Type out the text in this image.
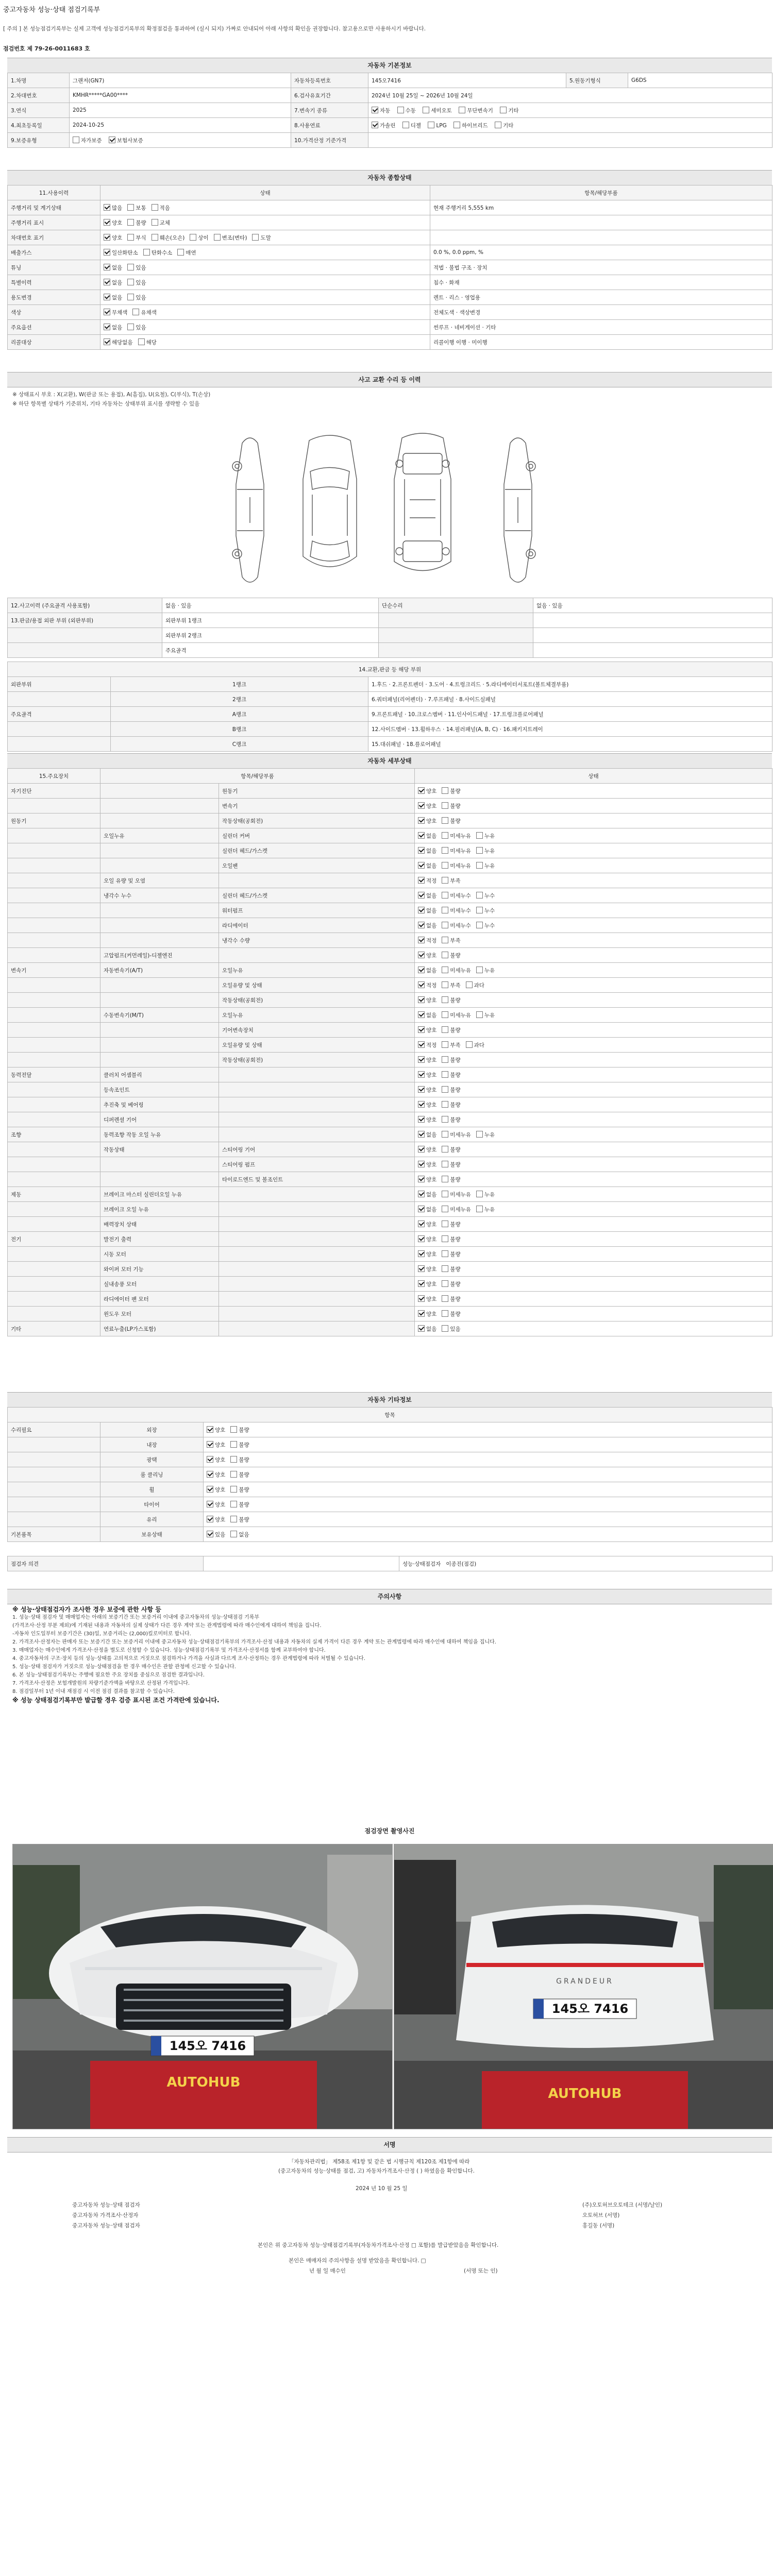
중고자동차 성능·상태 점검기록부
[ 주의 ] 본 성능점검기록부는 실제 고객에 성능점검기록부의 확정점검을 통과하여 (실시 되지) 가짜로 안내되어 아래 사항의 확인을 권장합니다. 참고용으로만 사용하시기 바랍니다.
점검번호 제 79-26-0011683 호
자동차 기본정보
1.차명	그랜저(GN7)	자동차등록번호	145오7416	5.원동기형식	G6DS
2.차대번호	KMHR*****GA00****	6.검사유효기간	2024년 10월 25일 ~ 2026년 10월 24일		
3.연식	2025	7.변속기 종류	자동 수동 세미오토 무단변속기 기타		
4.최초등록일	2024-10-25	8.사용연료	가솔린 디젤 LPG 하이브리드 기타		
9.보증유형	자가보증 보험사보증	10.가격산정 기준가격			
자동차 종합상태
11.사용이력	상태	항목/해당부품
주행거리 및 계기상태	많음 보통 적음	현재 주행거리 5,555 km
주행거리 표시	양호 불량 교체	
차대번호 표기	양호 부식 훼손(오손) 상이 변조(변타) 도말	
배출가스	일산화탄소 탄화수소 매연	0.0 %, 0.0 ppm, %
튜닝	없음 있음	적법 · 불법 구조 · 장치
특별이력	없음 있음	침수 · 화재
용도변경	없음 있음	렌트 · 리스 · 영업용
색상	무채색 유채색	전체도색 · 색상변경
주요옵션	없음 있음	썬루프 · 네비게이션 · 기타
리콜대상	해당없음 해당	리콜이행 이행 · 미이행
사고 교환 수리 등 이력
※ 상태표시 부호 : X(교환), W(판금 또는 용접), A(흠집), U(요철), C(부식), T(손상)
※ 하단 항목별 상태가 기준위치, 기타 자동차는 상태부위 표시를 생략할 수 있음
12.사고이력 (주요골격 사용포함)	없음 · 있음	단순수리	없음 · 있음
13.판금/용접 외판 부위 (외판부위)	외판부위 1랭크		
	외판부위 2랭크		
	주요골격		
14.교환,판금 등 해당 부위		
외판부위	1랭크	1.후드 · 2.프론트펜더 · 3.도어 · 4.트렁크리드 · 5.라디에이터서포트(볼트체결부품)
	2랭크	6.쿼터패널(리어펜더) · 7.루프패널 · 8.사이드실패널
주요골격	A랭크	9.프론트패널 · 10.크로스멤버 · 11.인사이드패널 · 17.트렁크플로어패널
	B랭크	12.사이드멤버 · 13.휠하우스 · 14.필러패널(A, B, C) · 16.패키지트레이
	C랭크	15.대쉬패널 · 18.플로어패널
자동차 세부상태
15.주요장치	항목/해당부품		상태
자기진단		원동기	양호 불량
		변속기	양호 불량
원동기		작동상태(공회전)	양호 불량
	오일누유	실린더 커버	없음 미세누유 누유
		실린더 헤드/가스켓	없음 미세누유 누유
		오일팬	없음 미세누유 누유
	오일 유량 및 오염		적정 부족
	냉각수 누수	실린더 헤드/가스켓	없음 미세누수 누수
		워터펌프	없음 미세누수 누수
		라디에이터	없음 미세누수 누수
		냉각수 수량	적정 부족
	고압펌프(커먼레일)-디젤엔진		양호 불량
변속기	자동변속기(A/T)	오일누유	없음 미세누유 누유
		오일유량 및 상태	적정 부족 과다
		작동상태(공회전)	양호 불량
	수동변속기(M/T)	오일누유	없음 미세누유 누유
		기어변속장치	양호 불량
		오일유량 및 상태	적정 부족 과다
		작동상태(공회전)	양호 불량
동력전달	클러치 어셈블리		양호 불량
	등속조인트		양호 불량
	추진축 및 베어링		양호 불량
	디퍼렌셜 기어		양호 불량
조향	동력조향 작동 오일 누유		없음 미세누유 누유
	작동상태	스티어링 기어	양호 불량
		스티어링 펌프	양호 불량
		타이로드엔드 및 볼조인트	양호 불량
제동	브레이크 마스터 실린더오일 누유		없음 미세누유 누유
	브레이크 오일 누유		없음 미세누유 누유
	배력장치 상태		양호 불량
전기	발전기 출력		양호 불량
	시동 모터		양호 불량
	와이퍼 모터 기능		양호 불량
	실내송풍 모터		양호 불량
	라디에이터 팬 모터		양호 불량
	윈도우 모터		양호 불량
기타	연료누출(LP가스포함)		없음 있음
자동차 기타정보
항목		
수리필요	외장	양호 불량
	내장	양호 불량
	광택	양호 불량
	룸 클리닝	양호 불량
	휠	양호 불량
	타이어	양호 불량
	유리	양호 불량
기본품목	보유상태	있음 없음
점검자 의견		성능·상태점검자 이종진(점검)
주의사항

※ 성능·상태점검자가 조사한 경우 보증에 관한 사항 등

1. 성능·상태 점검자 및 매매업자는 아래의 보증기간 또는 보증거리 이내에 중고자동차의 성능·상태점검 기록부

(가격조사·산정 부분 제외)에 기재된 내용과 자동차의 실제 상태가 다른 경우 계약 또는 관계법령에 따라 매수인에게 대하여 책임을 집니다.

-자동차 인도일부터 보증기간은 (30)일, 보증거리는 (2,000)킬로미터로 합니다.

2. 가격조사·산정자는 판매자 또는 보증기간 또는 보증거리 이내에 중고자동차 성능·상태점검기록부의 가격조사·산정 내용과 자동차의 실제 가격이 다른 경우 계약 또는 관계법령에 따라 매수인에 대하여 책임을 집니다.

3. 매매업자는 매수인에게 가격조사·산정을 별도로 신청할 수 있습니다. 성능·상태점검기록부 및 가격조사·산정서를 함께 교부하여야 합니다.

4. 중고자동차의 구조·장치 등의 성능·상태를 고의적으로 거짓으로 점검하거나 가격을 사실과 다르게 조사·산정하는 경우 관계법령에 따라 처벌될 수 있습니다.

5. 성능·상태 점검자가 거짓으로 성능·상태점검을 한 경우 매수인은 관할 관청에 신고할 수 있습니다.

6. 본 성능·상태점검기록부는 주행에 필요한 주요 장치를 중심으로 점검한 결과입니다.

7. 가격조사·산정은 보험개발원의 차량기준가액을 바탕으로 산정된 가격입니다.

8. 점검일부터 1년 이내 재점검 시 이전 점검 결과를 참고할 수 있습니다.

※ 성능 상태점검기록부만 발급할 경우 검증 표시된 조건 가격란에 있습니다.

점검장면 촬영사진
145오 7416
AUTOHUB
GRANDEUR
145오 7416
AUTOHUB
서명
「자동차관리법」 제58조 제1항 및 같은 법 시행규칙 제120조 제1항에 따라
(중고자동차의 성능·상태를 점검, 고) 자동차가격조사·산정 ( ) 하였음을 확인합니다.
2024 년 10 월 25 일
중고자동차 성능·상태 점검자	(주)오토허브오토테크 (서명/날인)
중고자동차 가격조사·산정자	오토허브 (서명)
중고자동차 성능·상태 점검자	홍길동 (서명)
본인은 위 중고자동차 성능·상태점검기록부(자동차가격조사·산정 □ 포함)를 발급받았음을 확인합니다.
본인은 매매자의 주의사항을 설명 받았음을 확인합니다. □
년 월 일 매수인	(서명 또는 인)
